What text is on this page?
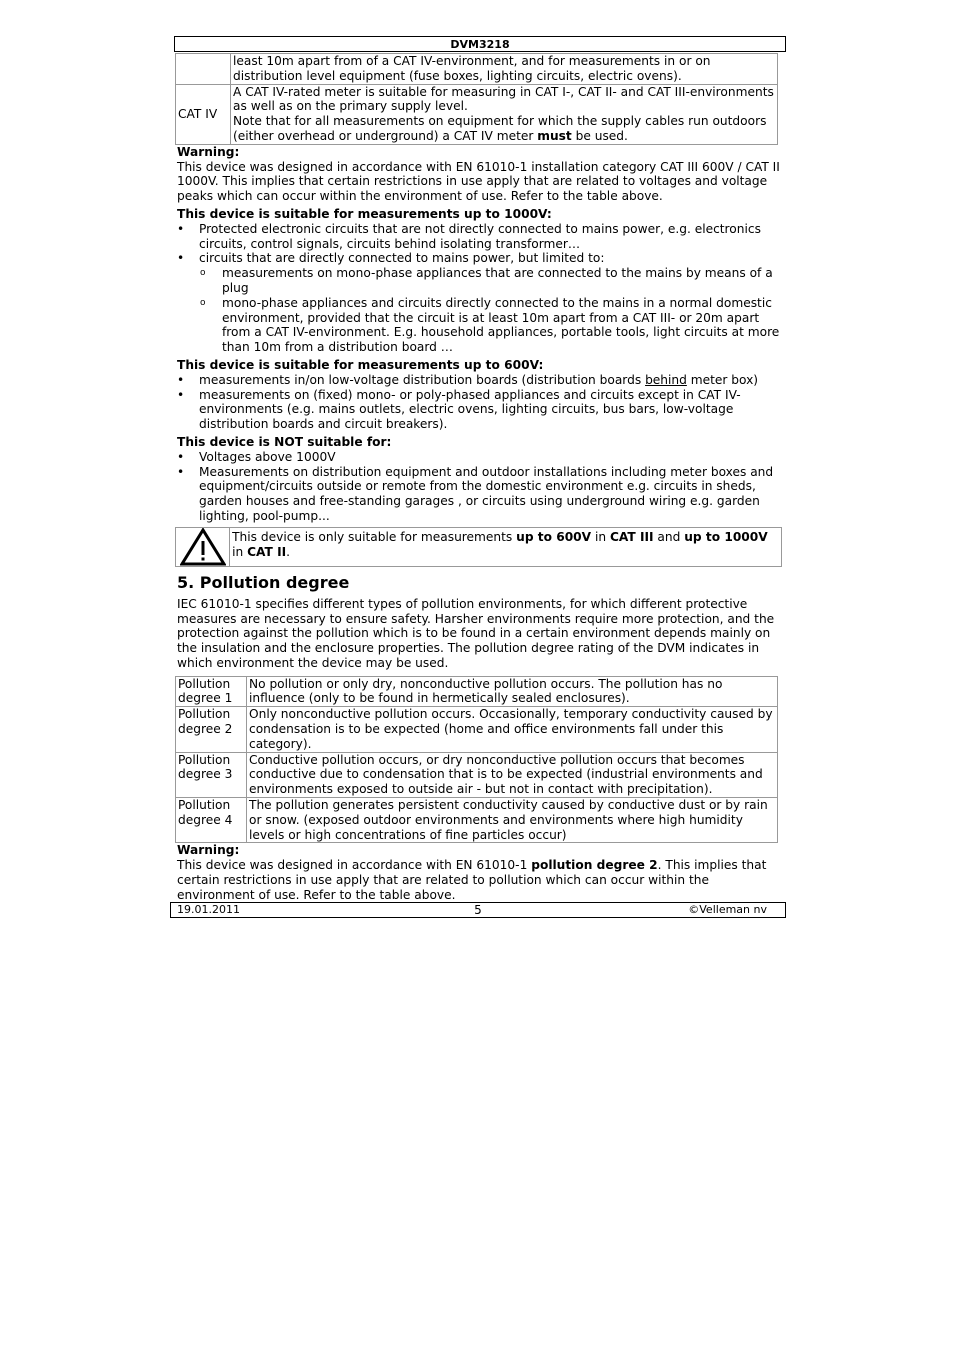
DVM3218
	least 10m apart from of a CAT IV-environment, and for measurements in or on distribution level equipment (fuse boxes, lighting circuits, electric ovens).
CAT IV	A CAT IV-rated meter is suitable for measuring in CAT I-, CAT II- and CAT III-environments as well as on the primary supply level.

Note that for all measurements on equipment for which the supply cables run outdoors (either overhead or underground) a CAT IV meter must be used.

Warning:

This device was designed in accordance with EN 61010-1 installation category CAT III 600V / CAT II 1000V. This implies that certain restrictions in use apply that are related to voltages and voltage peaks which can occur within the environment of use. Refer to the table above.

This device is suitable for measurements up to 1000V:

• Protected electronic circuits that are not directly connected to mains power, e.g. electronics circuits, control signals, circuits behind isolating transformer…
• circuits that are directly connected to mains power, but limited to:
o measurements on mono-phase appliances that are connected to the mains by means of a plug
o mono-phase appliances and circuits directly connected to the mains in a normal domestic environment, provided that the circuit is at least 10m apart from a CAT III- or 20m apart from a CAT IV-environment. E.g. household appliances, portable tools, light circuits at more than 10m from a distribution board …

This device is suitable for measurements up to 600V:

• measurements in/on low-voltage distribution boards (distribution boards behind meter box)
• measurements on (fixed) mono- or poly-phased appliances and circuits except in CAT IV-environments (e.g. mains outlets, electric ovens, lighting circuits, bus bars, low-voltage distribution boards and circuit breakers).

This device is NOT suitable for:

• Voltages above 1000V
• Measurements on distribution equipment and outdoor installations including meter boxes and equipment/circuits outside or remote from the domestic environment e.g. circuits in sheds, garden houses and free-standing garages , or circuits using underground wiring e.g. garden lighting, pool-pump...
This device is only suitable for measurements up to 600V in CAT III and up to 1000V in CAT II.
5. Pollution degree

IEC 61010-1 specifies different types of pollution environments, for which different protective measures are necessary to ensure safety. Harsher environments require more protection, and the protection against the pollution which is to be found in a certain environment depends mainly on the insulation and the enclosure properties. The pollution degree rating of the DVM indicates in which environment the device may be used.

Pollution degree 1	No pollution or only dry, nonconductive pollution occurs. The pollution has no influence (only to be found in hermetically sealed enclosures).
Pollution degree 2	Only nonconductive pollution occurs. Occasionally, temporary conductivity caused by condensation is to be expected (home and office environments fall under this category).
Pollution degree 3	Conductive pollution occurs, or dry nonconductive pollution occurs that becomes conductive due to condensation that is to be expected (industrial environments and environments exposed to outside air - but not in contact with precipitation).
Pollution degree 4	The pollution generates persistent conductivity caused by conductive dust or by rain or snow. (exposed outdoor environments and environments where high humidity levels or high concentrations of fine particles occur)

Warning:

This device was designed in accordance with EN 61010-1 pollution degree 2. This implies that certain restrictions in use apply that are related to pollution which can occur within the environment of use. Refer to the table above.

19.01.2011	5	©Velleman nv
